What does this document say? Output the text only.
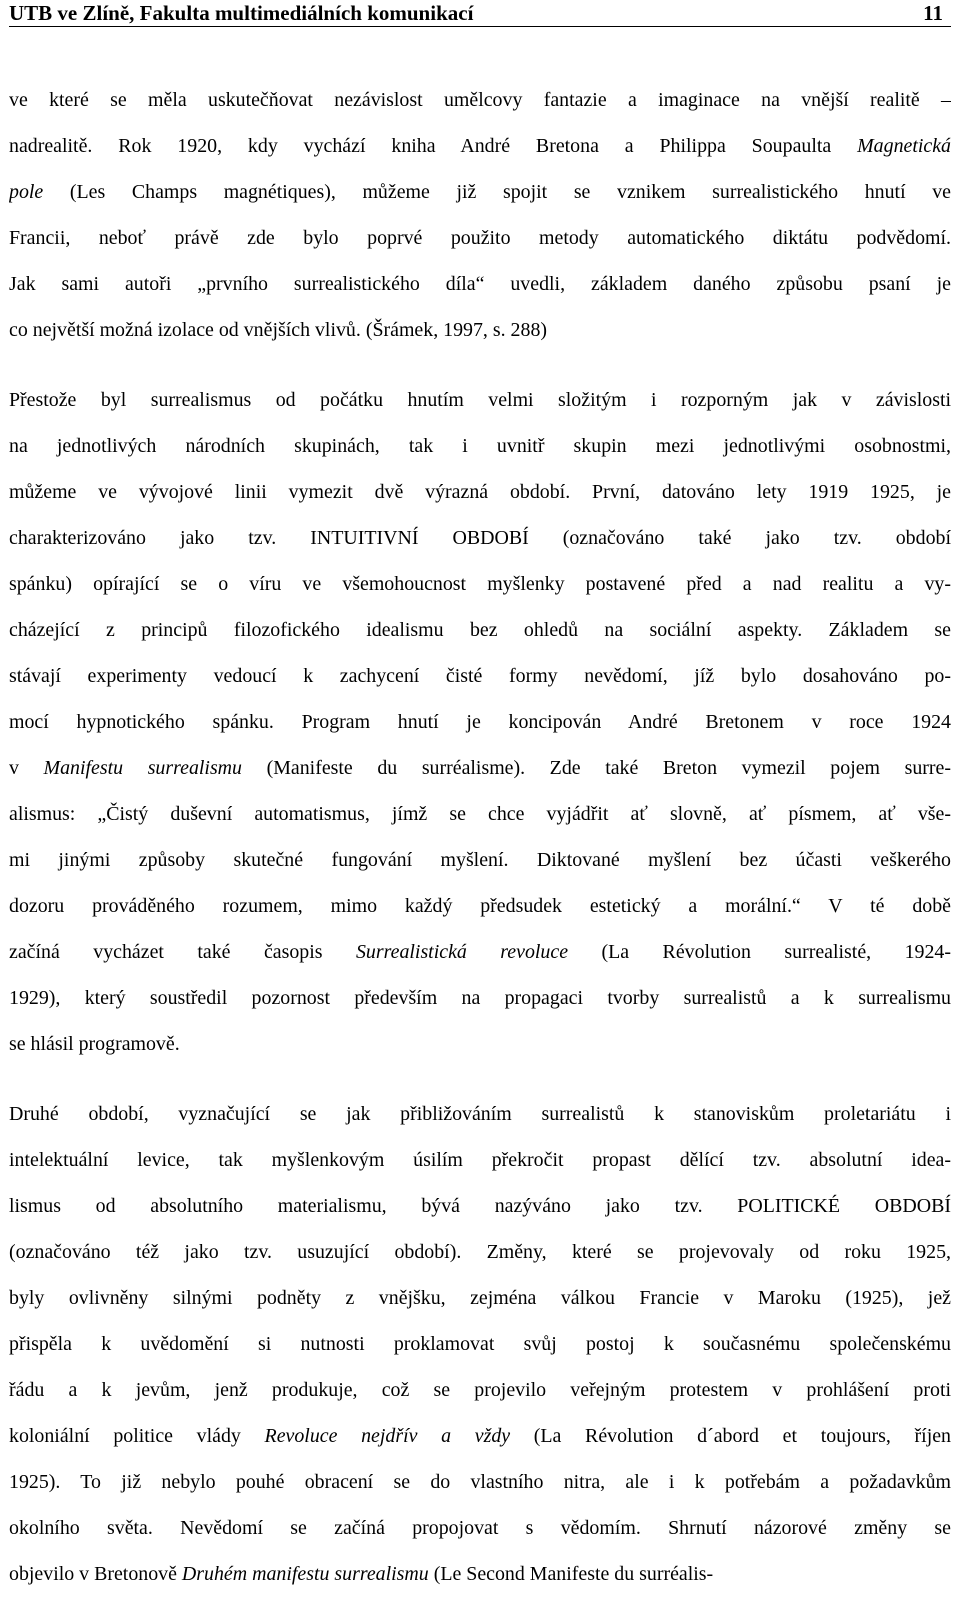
UTB ve Zlíně, Fakulta multimediálních komunikací	11
ve které se měla uskutečňovat nezávislost umělcovy fantazie a imaginace na vnější realitě –
nadrealitě. Rok 1920, kdy vychází kniha André Bretona a Philippa Soupaulta Magnetická
pole (Les Champs magnétiques), můžeme již spojit se vznikem surrealistického hnutí ve
Francii, neboť právě zde bylo poprvé použito metody automatického diktátu podvědomí.
Jak sami autoři „prvního surrealistického díla“ uvedli, základem daného způsobu psaní je
co největší možná izolace od vnějších vlivů. (Šrámek, 1997, s. 288)
Přestože byl surrealismus od počátku hnutím velmi složitým i rozporným jak v závislosti
na jednotlivých národních skupinách, tak i uvnitř skupin mezi jednotlivými osobnostmi,
můžeme ve vývojové linii vymezit dvě výrazná období. První, datováno lety 1919 1925, je
charakterizováno jako tzv. INTUITIVNÍ OBDOBÍ (označováno také jako tzv. období
spánku) opírající se o víru ve všemohoucnost myšlenky postavené před a nad realitu a vy-
cházející z principů filozofického idealismu bez ohledů na sociální aspekty. Základem se
stávají experimenty vedoucí k zachycení čisté formy nevědomí, jíž bylo dosahováno po-
mocí hypnotického spánku. Program hnutí je koncipován André Bretonem v roce 1924
v Manifestu surrealismu (Manifeste du surréalisme). Zde také Breton vymezil pojem surre-
alismus: „Čistý duševní automatismus, jímž se chce vyjádřit ať slovně, ať písmem, ať vše-
mi jinými způsoby skutečné fungování myšlení. Diktované myšlení bez účasti veškerého
dozoru prováděného rozumem, mimo každý předsudek estetický a morální.“ V té době
začíná vycházet také časopis Surrealistická revoluce (La Révolution surrealisté, 1924-
1929), který soustředil pozornost především na propagaci tvorby surrealistů a k surrealismu
se hlásil programově.
Druhé období, vyznačující se jak přibližováním surrealistů k stanoviskům proletariátu i
intelektuální levice, tak myšlenkovým úsilím překročit propast dělící tzv. absolutní idea-
lismus od absolutního materialismu, bývá nazýváno jako tzv. POLITICKÉ OBDOBÍ
(označováno též jako tzv. usuzující období). Změny, které se projevovaly od roku 1925,
byly ovlivněny silnými podněty z vnějšku, zejména válkou Francie v Maroku (1925), jež
přispěla k uvědomění si nutnosti proklamovat svůj postoj k současnému společenskému
řádu a k jevům, jenž produkuje, což se projevilo veřejným protestem v prohlášení proti
koloniální politice vlády Revoluce nejdřív a vždy (La Révolution d´abord et toujours, říjen
1925). To již nebylo pouhé obracení se do vlastního nitra, ale i k potřebám a požadavkům
okolního světa. Nevědomí se začíná propojovat s vědomím. Shrnutí názorové změny se
objevilo v Bretonově Druhém manifestu surrealismu (Le Second Manifeste du surréalis-
